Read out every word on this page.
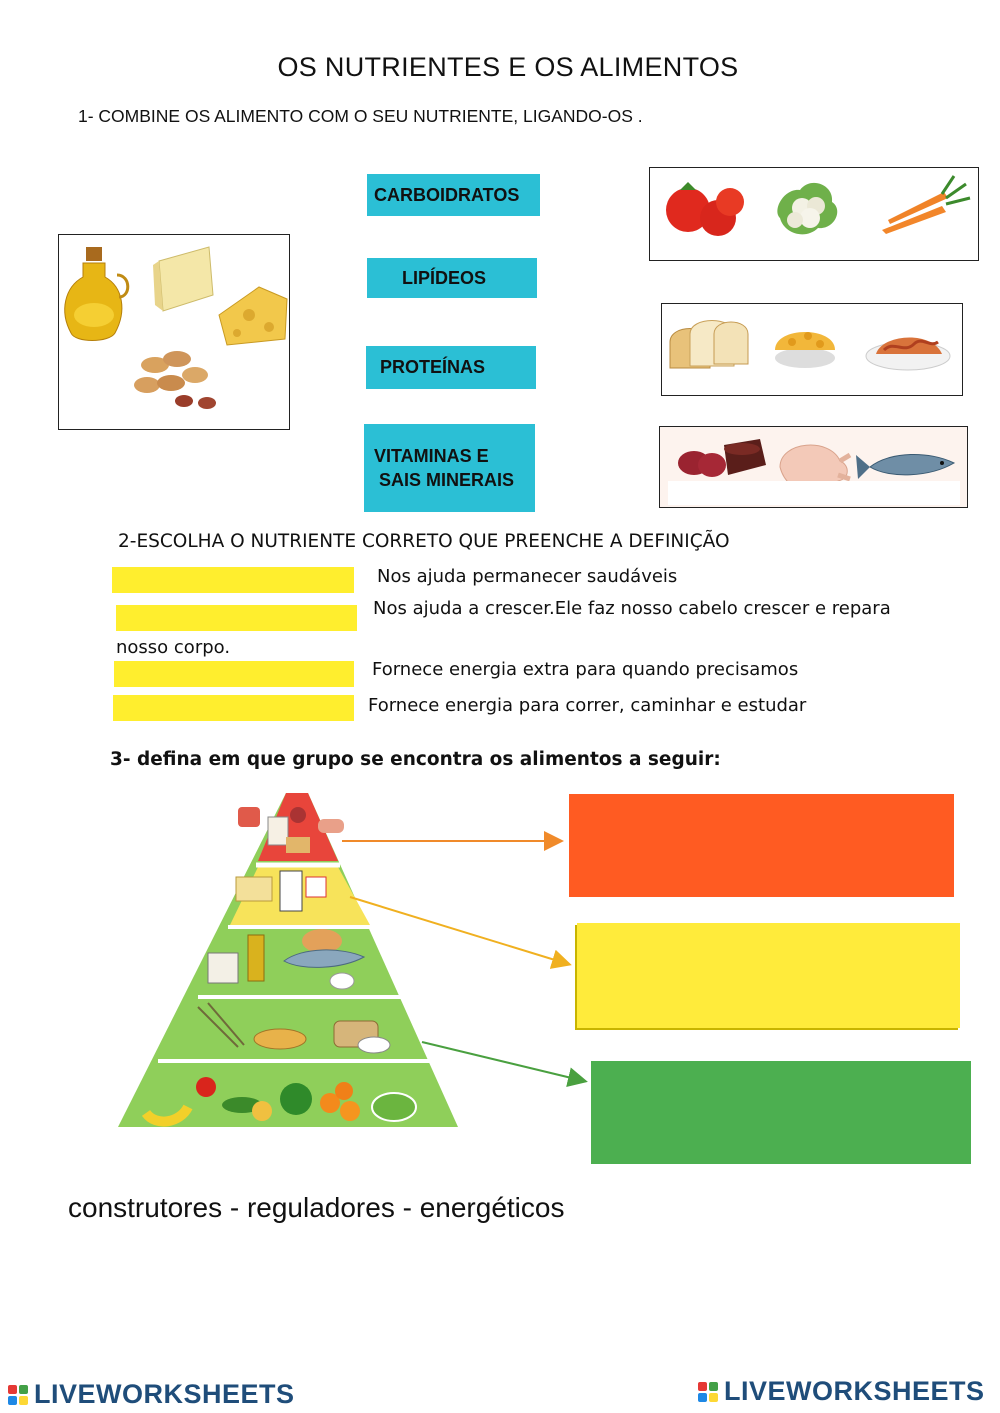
OS NUTRIENTES E OS ALIMENTOS
1- COMBINE OS ALIMENTO COM O SEU NUTRIENTE, LIGANDO-OS .
CARBOIDRATOS
LIPÍDEOS
PROTEÍNAS
VITAMINAS E
SAIS MINERAIS
2-ESCOLHA O NUTRIENTE CORRETO QUE PREENCHE A DEFINIÇÃO
Nos ajuda permanecer saudáveis
Nos ajuda a crescer.Ele faz nosso cabelo crescer e repara
nosso corpo.
Fornece energia extra para quando precisamos
Fornece energia para correr, caminhar e estudar
3- defina em que grupo se encontra os alimentos a seguir:
construtores - reguladores - energéticos
LIVEWORKSHEETS	LIVEWORKSHEETS
